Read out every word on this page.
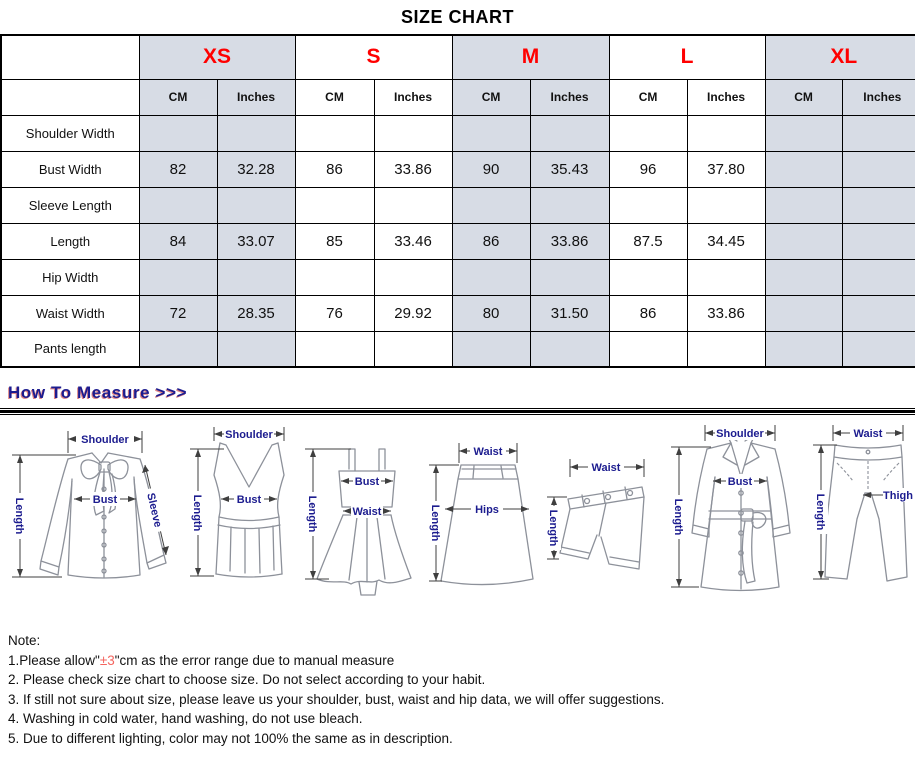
SIZE CHART
	XS		S		M		L		XL	
	CM	Inches	CM	Inches	CM	Inches	CM	Inches	CM	Inches
Shoulder Width										
Bust Width	82	32.28	86	33.86	90	35.43	96	37.80		
Sleeve Length										
Length	84	33.07	85	33.46	86	33.86	87.5	34.45		
Hip Width										
Waist Width	72	28.35	76	29.92	80	31.50	86	33.86		
Pants length										
How To Measure >>>
Length
Shoulder
Bust Sleeve
Shoulder
Length	Bust	Length
Bust
Waist
Waist
Length	Hips
Waist
Length
Shoulder
Length
Bust
Waist
Length	Thigh
Note:
1.Please allow"±3"cm as the error range due to manual measure
2. Please check size chart to choose size. Do not select according to your habit.
3. If still not sure about size, please leave us your shoulder, bust, waist and hip data, we will offer suggestions.
4. Washing in cold water, hand washing, do not use bleach.
5. Due to different lighting, color may not 100% the same as in description.
